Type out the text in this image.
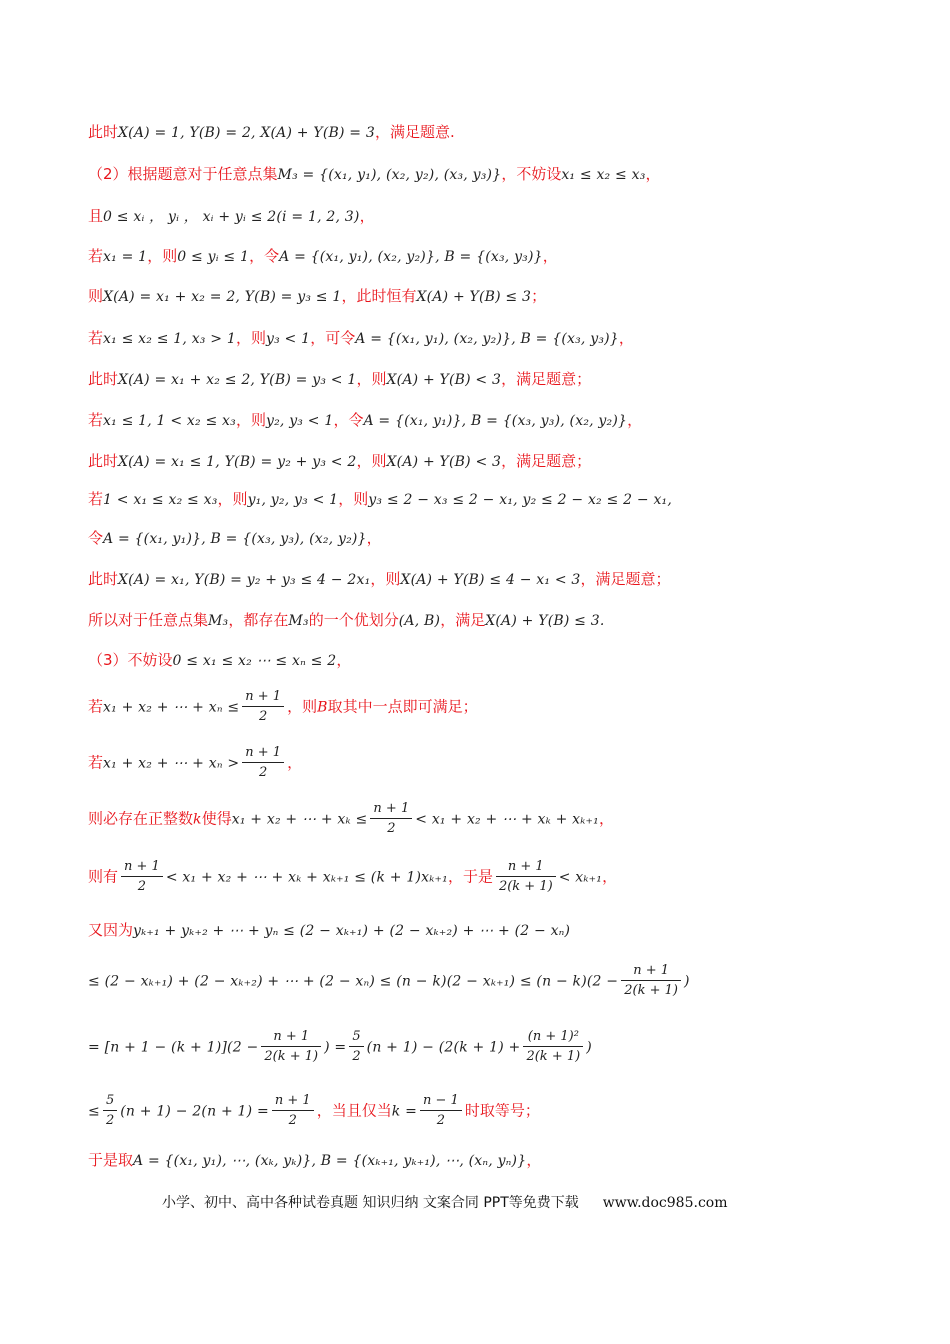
此时X(A) = 1, Y(B) = 2, X(A) + Y(B) = 3，满足题意.
（2）根据题意对于任意点集M₃ = {(x₁, y₁), (x₂, y₂), (x₃, y₃)}，不妨设x₁ ≤ x₂ ≤ x₃，
且0 ≤ xᵢ ， yᵢ ， xᵢ + yᵢ ≤ 2(i = 1, 2, 3)，
若x₁ = 1，则0 ≤ yᵢ ≤ 1，令A = {(x₁, y₁), (x₂, y₂)}, B = {(x₃, y₃)}，
则X(A) = x₁ + x₂ = 2, Y(B) = y₃ ≤ 1，此时恒有X(A) + Y(B) ≤ 3；
若x₁ ≤ x₂ ≤ 1, x₃ > 1，则y₃ < 1，可令A = {(x₁, y₁), (x₂, y₂)}, B = {(x₃, y₃)}，
此时X(A) = x₁ + x₂ ≤ 2, Y(B) = y₃ < 1，则X(A) + Y(B) < 3，满足题意；
若x₁ ≤ 1, 1 < x₂ ≤ x₃，则y₂, y₃ < 1，令A = {(x₁, y₁)}, B = {(x₃, y₃), (x₂, y₂)}，
此时X(A) = x₁ ≤ 1, Y(B) = y₂ + y₃ < 2，则X(A) + Y(B) < 3，满足题意；
若1 < x₁ ≤ x₂ ≤ x₃，则y₁, y₂, y₃ < 1，则y₃ ≤ 2 − x₃ ≤ 2 − x₁, y₂ ≤ 2 − x₂ ≤ 2 − x₁,
令A = {(x₁, y₁)}, B = {(x₃, y₃), (x₂, y₂)}，
此时X(A) = x₁, Y(B) = y₂ + y₃ ≤ 4 − 2x₁，则X(A) + Y(B) ≤ 4 − x₁ < 3，满足题意；
所以对于任意点集M₃，都存在M₃的一个优划分(A, B)，满足X(A) + Y(B) ≤ 3.
（3）不妨设0 ≤ x₁ ≤ x₂ ⋯ ≤ xₙ ≤ 2，
若x₁ + x₂ + ⋯ + $x_n \le \frac{n + 1}{2}$ ，则B取其中一点即可满足；
若x₁ + x₂ + ⋯ + $x_n > \frac{n + 1}{2}$ ，
则必存在正整数k使得x₁ + x₂ + ⋯ + $x_k \le \frac{n + 1}{2} < x_1 + x_2$ + ⋯ + xₖ + xₖ₊₁，
则有 $\frac{n + 1}{2} < x_1 + x_2$ + ⋯ + xₖ + xₖ₊₁ ≤ (k + 1)xₖ₊₁，于是 $\frac{n + 1}{2(k + 1)} < x_{k+1}$，
又因为yₖ₊₁ + yₖ₊₂ + ⋯ + yₙ ≤ (2 − xₖ₊₁) + (2 − xₖ₊₂) + ⋯ + (2 − xₙ)
≤ (2 − xₖ₊₁) + (2 − xₖ₊₂) + ⋯ + $(2 - x_n) \le (n - k)(2 - x_{k+1}) \le (n - k)(2 - \frac{n + 1}{2(k + 1)}$ )
= $[n + 1 - (k + 1)](2 - \frac{n + 1}{2(k + 1)}$ ) = $\frac{5}{2} (n + 1) - (2(k + 1) + \frac{\text{(n + 1)²}}{2(k + 1)}$ )
≤ $\frac{5}{2} (n + 1) - 2(n + 1) = \frac{n + 1}{2}$ ，当且仅当$k = \frac{n - 1}{2}$ 时取等号；
于是取A = {(x₁, y₁), ⋯, (xₖ, yₖ)}, B = {(xₖ₊₁, yₖ₊₁), ⋯, (xₙ, yₙ)}，
小学、初中、高中各种试卷真题 知识归纳 文案合同 PPT等免费下载 www.doc985.com
